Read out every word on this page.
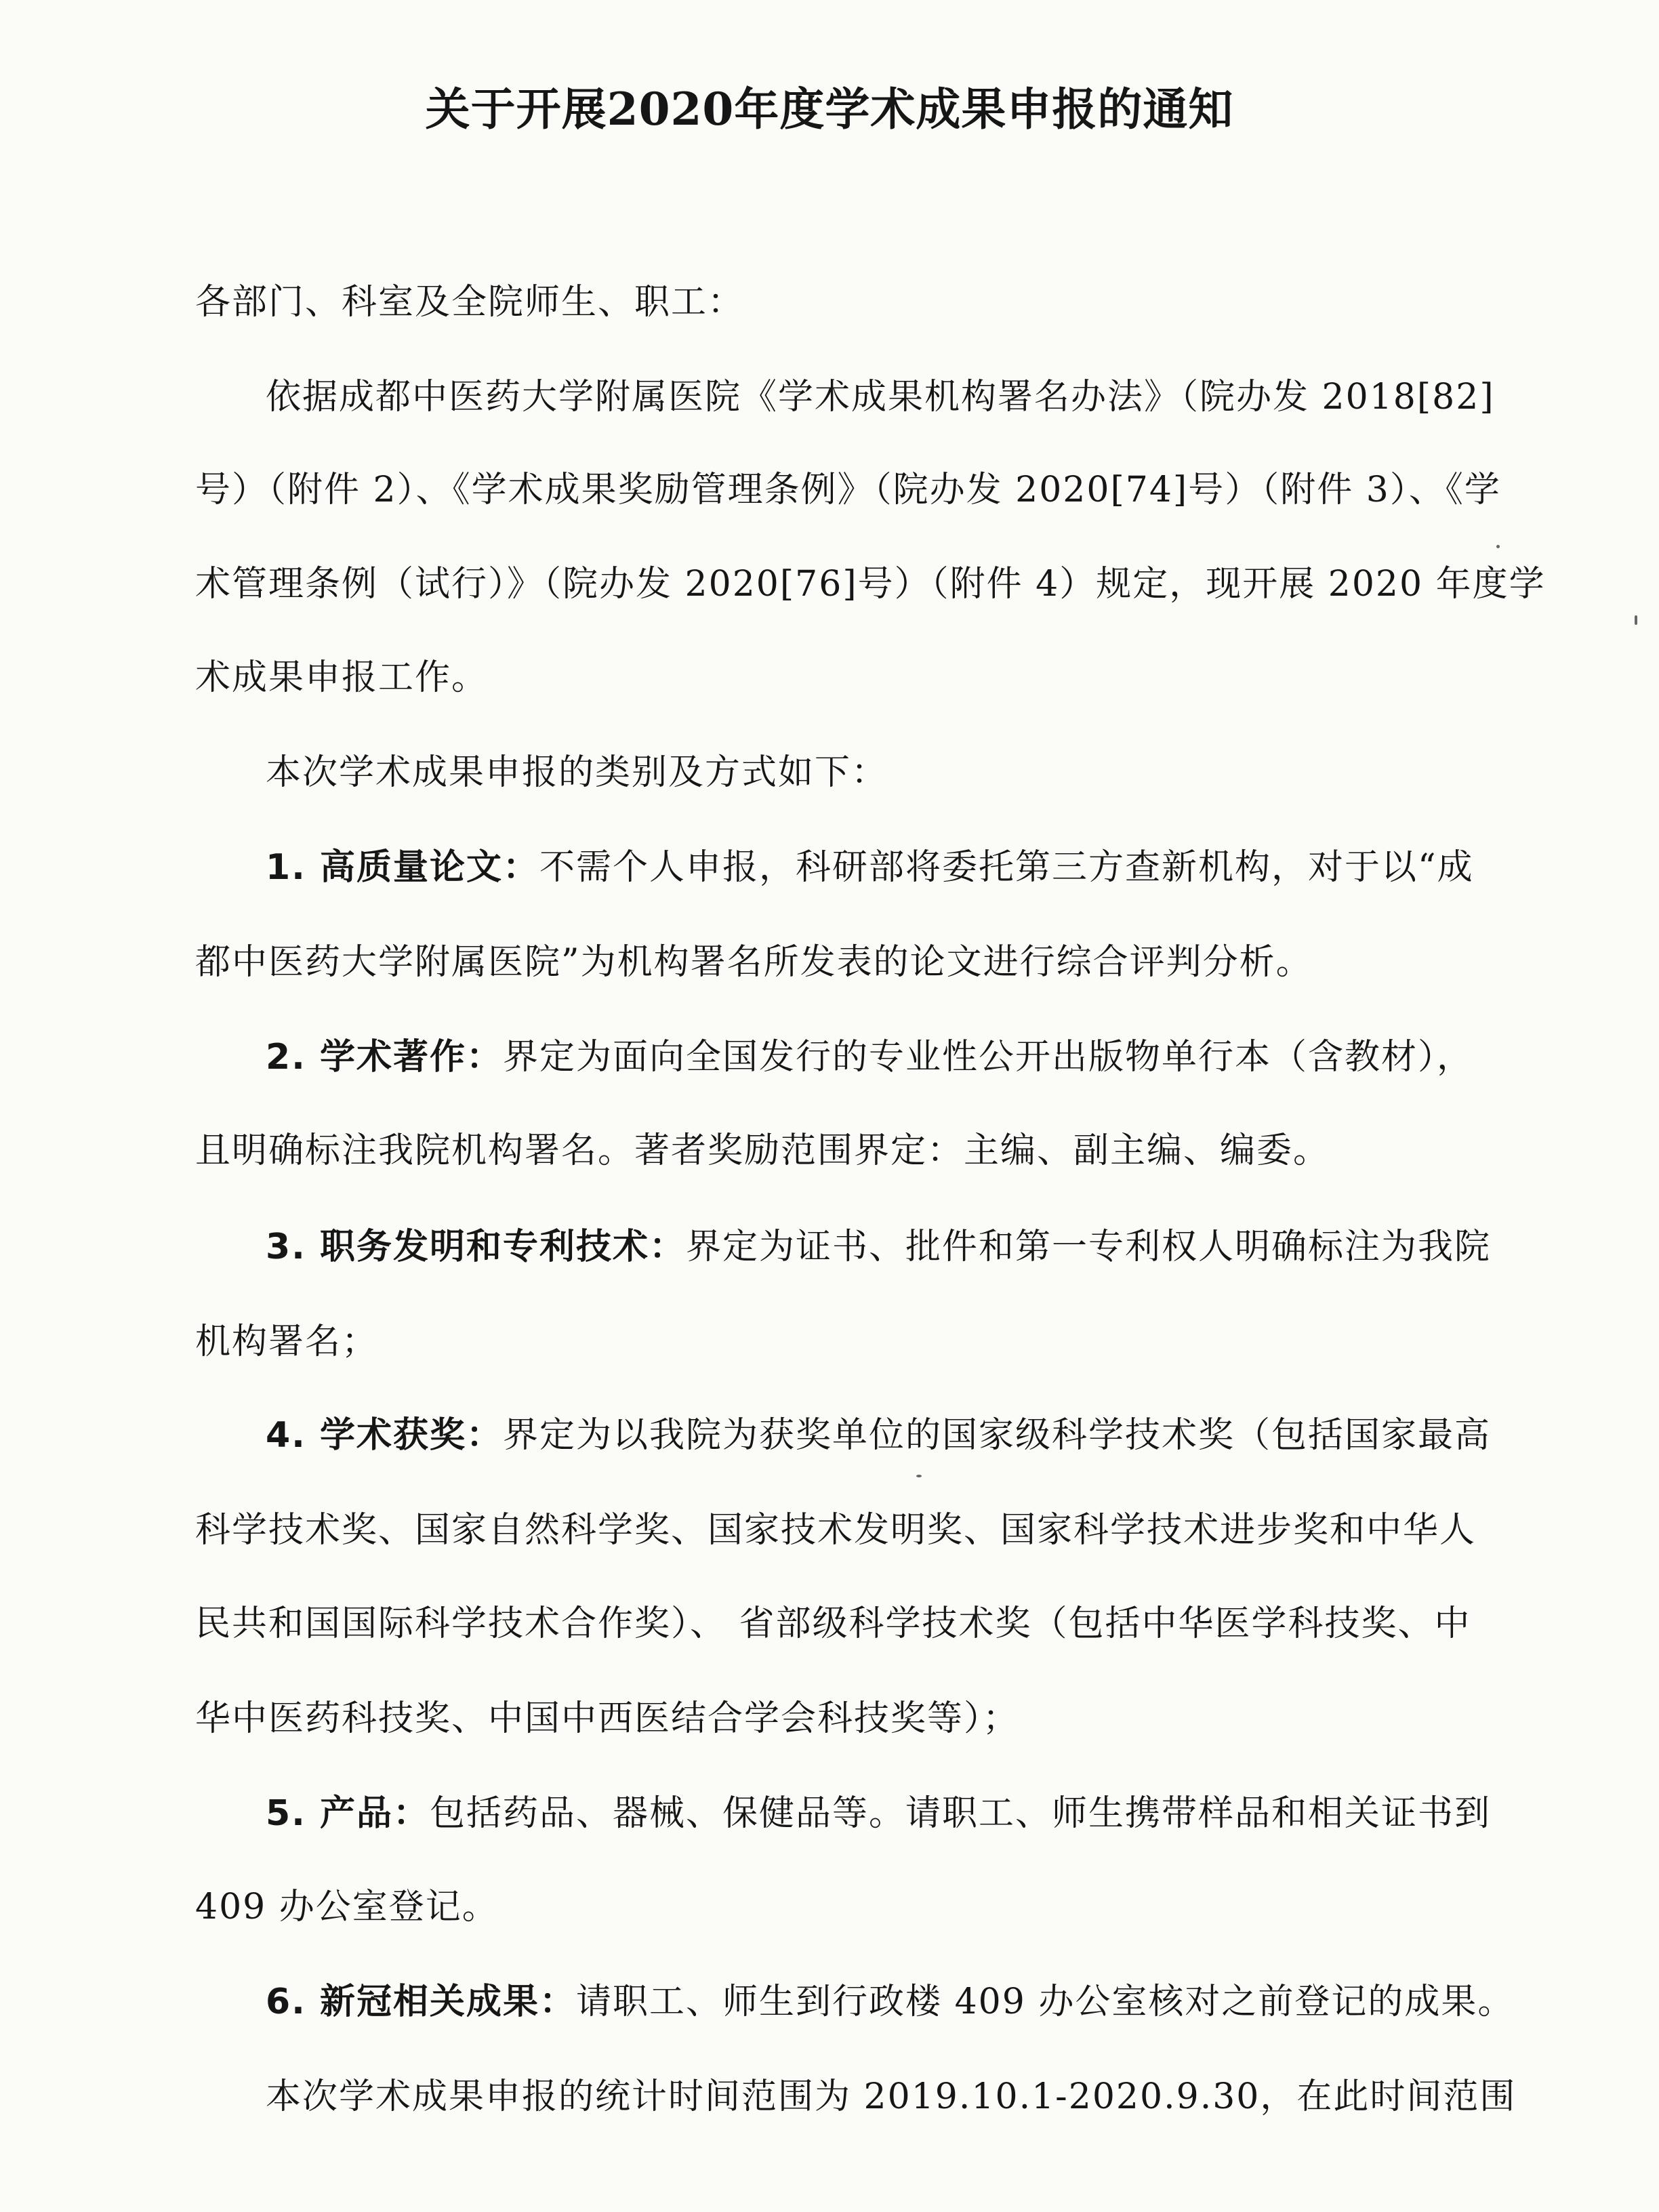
关于开展2020年度学术成果申报的通知
各部门、科室及全院师生、职工：
依据成都中医药大学附属医院《学术成果机构署名办法》（院办发 2018[82]
号）（附件 2）、《学术成果奖励管理条例》（院办发 2020[74]号）（附件 3）、《学
术管理条例（试行）》（院办发 2020[76]号）（附件 4）规定，现开展 2020 年度学
术成果申报工作。
本次学术成果申报的类别及方式如下：
1. 高质量论文：不需个人申报，科研部将委托第三方查新机构，对于以“成
都中医药大学附属医院”为机构署名所发表的论文进行综合评判分析。
2. 学术著作：界定为面向全国发行的专业性公开出版物单行本（含教材），
且明确标注我院机构署名。著者奖励范围界定：主编、副主编、编委。
3. 职务发明和专利技术：界定为证书、批件和第一专利权人明确标注为我院
机构署名；
4. 学术获奖：界定为以我院为获奖单位的国家级科学技术奖（包括国家最高
科学技术奖、国家自然科学奖、国家技术发明奖、国家科学技术进步奖和中华人
民共和国国际科学技术合作奖）、 省部级科学技术奖（包括中华医学科技奖、中
华中医药科技奖、中国中西医结合学会科技奖等）；
5. 产品：包括药品、器械、保健品等。请职工、师生携带样品和相关证书到
409 办公室登记。
6. 新冠相关成果：请职工、师生到行政楼 409 办公室核对之前登记的成果。
本次学术成果申报的统计时间范围为 2019.10.1-2020.9.30，在此时间范围
